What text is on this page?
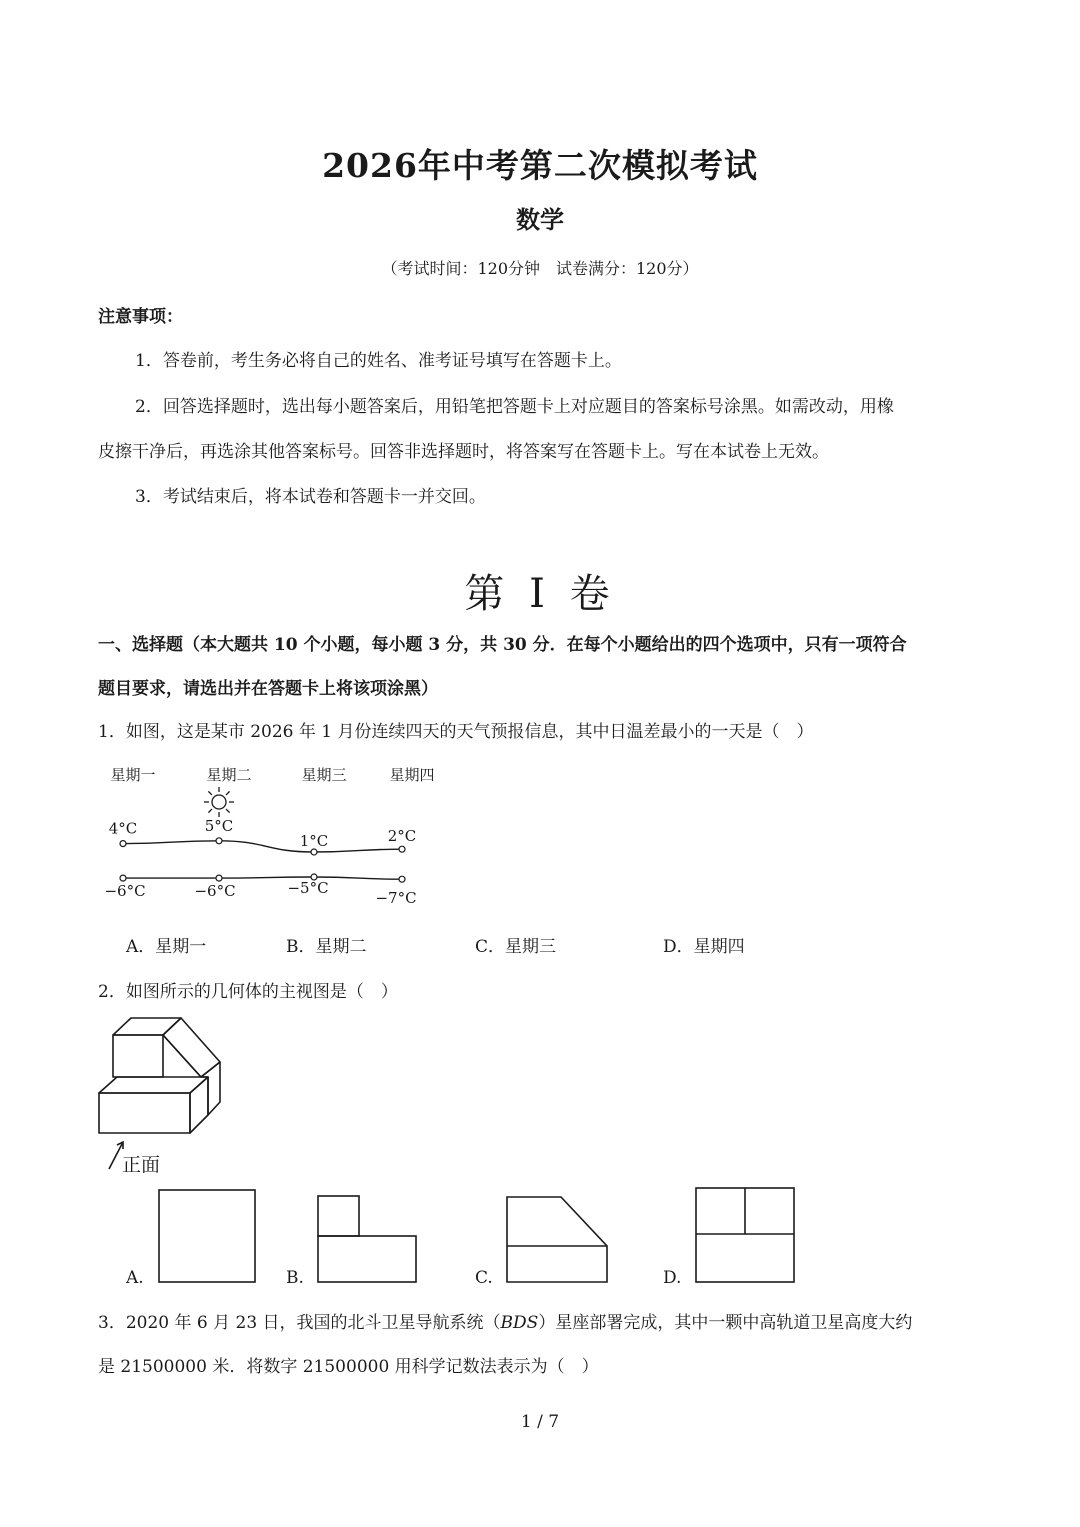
2026年中考第二次模拟考试
数学
（考试时间：120分钟　试卷满分：120分）
注意事项：
1．答卷前，考生务必将自己的姓名、准考证号填写在答题卡上。
2．回答选择题时，选出每小题答案后，用铅笔把答题卡上对应题目的答案标号涂黑。如需改动，用橡
皮擦干净后，再选涂其他答案标号。回答非选择题时，将答案写在答题卡上。写在本试卷上无效。
3．考试结束后，将本试卷和答题卡一并交回。
第 I 卷
一、选择题（本大题共 10 个小题，每小题 3 分，共 30 分．在每个小题给出的四个选项中，只有一项符合
题目要求，请选出并在答题卡上将该项涂黑）
1．如图，这是某市 2026 年 1 月份连续四天的天气预报信息，其中日温差最小的一天是（　）
星期一	星期二	星期三	星期四
4°C	5°C
1°C	2°C
−6°C	−6°C	−5°C
−7°C
A．星期一	B．星期二	C．星期三	D．星期四
2．如图所示的几何体的主视图是（　）
正面
A.	B.	C.	D.
3．2020 年 6 月 23 日，我国的北斗卫星导航系统（BDS）星座部署完成，其中一颗中高轨道卫星高度大约
是 21500000 米．将数字 21500000 用科学记数法表示为（　）
1 / 7
